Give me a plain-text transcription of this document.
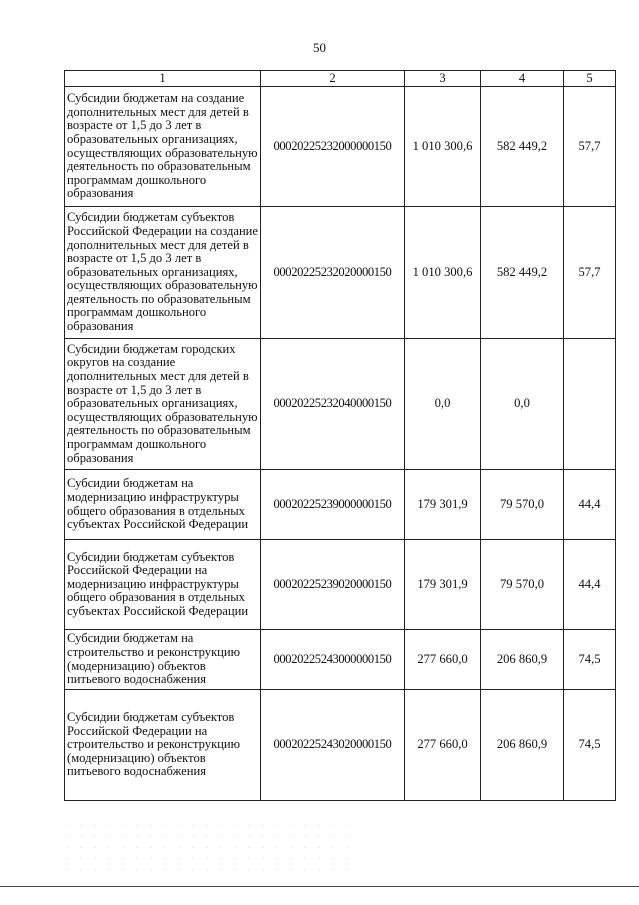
50
1	2	3	4	5
Субсидии бюджетам на создание дополнительных мест для детей в возрасте от 1,5 до 3 лет в образовательных организациях, осуществляющих образовательную деятельность по образовательным программам дошкольного образования	00020225232000000150	1 010 300,6	582 449,2	57,7
Субсидии бюджетам субъектов Российской Федерации на создание дополнительных мест для детей в возрасте от 1,5 до 3 лет в образовательных организациях, осуществляющих образовательную деятельность по образовательным программам дошкольного образования	00020225232020000150	1 010 300,6	582 449,2	57,7
Субсидии бюджетам городских округов на создание дополнительных мест для детей в возрасте от 1,5 до 3 лет в образовательных организациях, осуществляющих образовательную деятельность по образовательным программам дошкольного образования	00020225232040000150	0,0	0,0	
Субсидии бюджетам на модернизацию инфраструктуры общего образования в отдельных субъектах Российской Федерации	00020225239000000150	179 301,9	79 570,0	44,4
Субсидии бюджетам субъектов Российской Федерации на модернизацию инфраструктуры общего образования в отдельных субъектах Российской Федерации	00020225239020000150	179 301,9	79 570,0	44,4
Субсидии бюджетам на строительство и реконструкцию (модернизацию) объектов питьевого водоснабжения	00020225243000000150	277 660,0	206 860,9	74,5
Субсидии бюджетам субъектов Российской Федерации на строительство и реконструкцию (модернизацию) объектов питьевого водоснабжения	00020225243020000150	277 660,0	206 860,9	74,5
